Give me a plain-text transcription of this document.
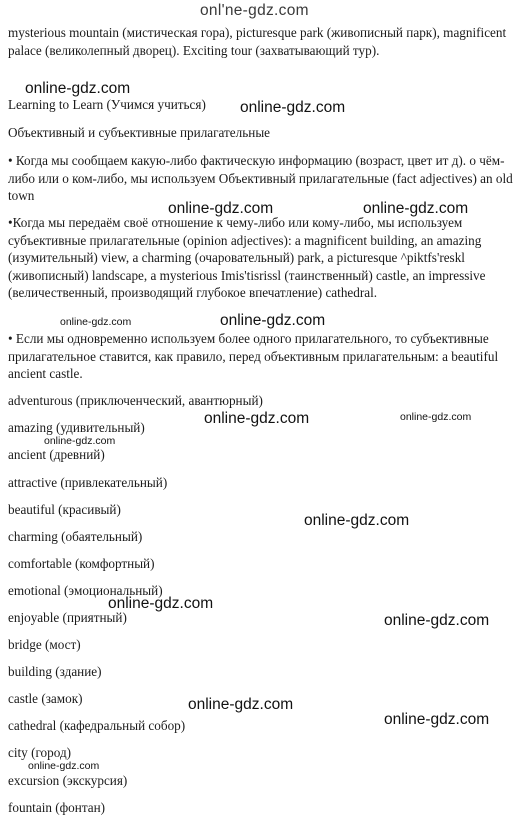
mysterious mountain (мистическая гора), picturesque park (живописный парк), magnificent palace (великолепный дворец). Exciting tour (захватывающий тур).
Learning to Learn (Учимся учиться)
Объективный и субъективные прилагательные
• Когда мы сообщаем какую-либо фактическую информацию (возраст, цвет ит д). о чём-либо или о ком-либо, мы используем Объективный прилагательные (fact adjectives) an old town
•Когда мы передаём своё отношение к чему-либо или кому-либо, мы используем субъективные прилагательные (opinion adjectives): a magnificent building, an amazing (изумительный) view, a charming (очаровательный) park, a picturesque ^piktfs'reskl (живописный) landscape, a mysterious Imis'tisrissl (таинственный) castle, an impressive (величественный, производящий глубокое впечатление) cathedral.
• Если мы одновременно используем более одного прилагательного, то субъективные прилагательное ставится, как правило, перед объективным прилагательным: a beautiful ancient castle.
adventurous (приключенческий, авантюрный)
amazing (удивительный)
ancient (древний)
attractive (привлекательный)
beautiful (красивый)
charming (обаятельный)
comfortable (комфортный)
emotional (эмоциональный)
enjoyable (приятный)
bridge (мост)
building (здание)
castle (замок)
cathedral (кафедральный собор)
city (город)
excursion (экскурсия)
fountain (фонтан)
onl'ne-gdz.com
online-gdz.com
online-gdz.com
online-gdz.com	online-gdz.com
online-gdz.com	online-gdz.com
online-gdz.com
online-gdz.com
online-gdz.com
online-gdz.com
online-gdz.com
online-gdz.com
online-gdz.com
online-gdz.com
online-gdz.com
